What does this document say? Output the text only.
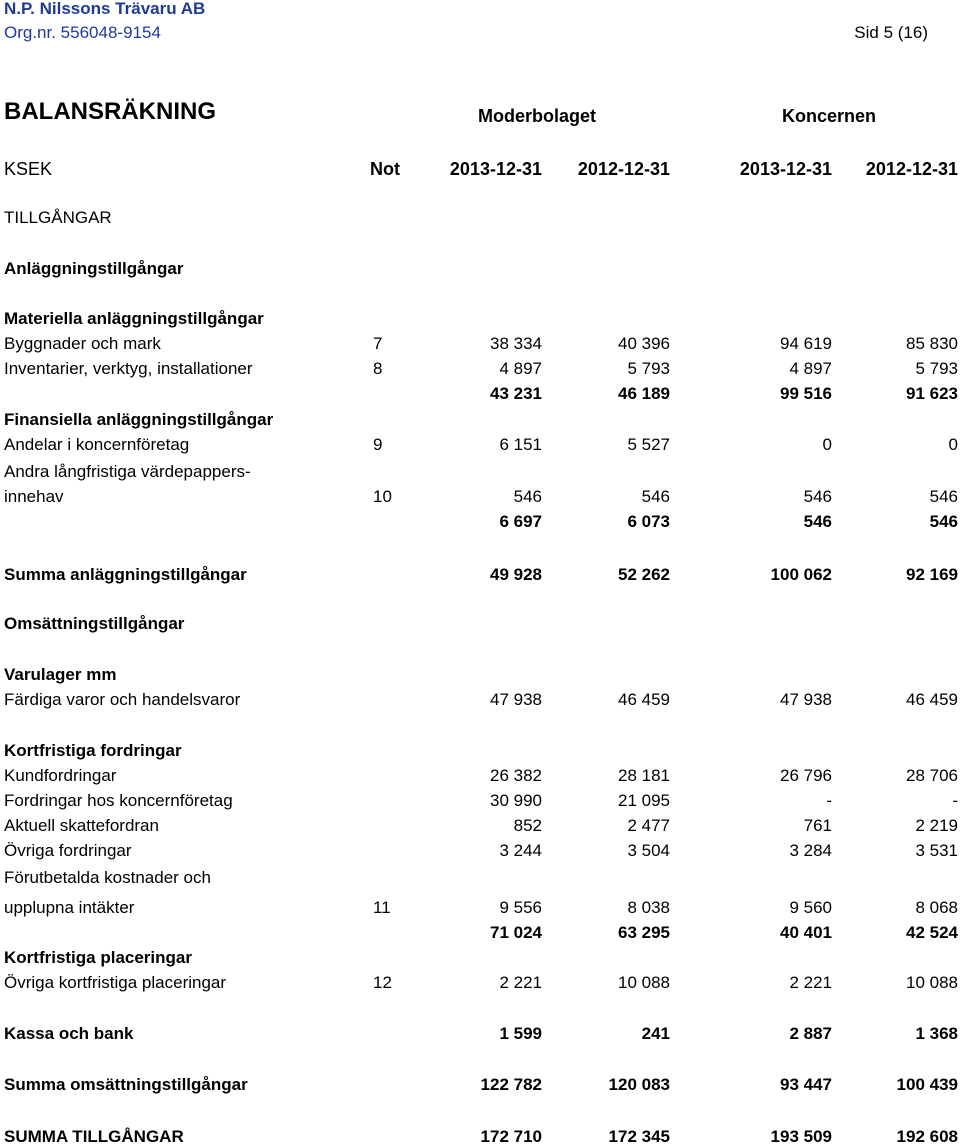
N.P. Nilssons Trävaru AB
Org.nr. 556048-9154	Sid 5 (16)
BALANSRÄKNING	Moderbolaget	Koncernen
KSEK	Not	2013-12-31 2012-12-31	2013-12-31 2012-12-31
TILLGÅNGAR
Anläggningstillgångar
Materiella anläggningstillgångar
Byggnader och mark	7	38 334	40 396	94 619	85 830
Inventarier, verktyg, installationer	8	4 897	5 793	4 897	5 793
43 231	46 189	99 516	91 623
Finansiella anläggningstillgångar
Andelar i koncernföretag	9	6 151	5 527	0	0
Andra långfristiga värdepappers-
innehav	10	546	546	546	546
6 697	6 073	546	546
Summa anläggningstillgångar	49 928	52 262	100 062	92 169
Omsättningstillgångar
Varulager mm
Färdiga varor och handelsvaror	47 938	46 459	47 938	46 459
Kortfristiga fordringar
Kundfordringar	26 382	28 181	26 796	28 706
Fordringar hos koncernföretag	30 990	21 095	-	-
Aktuell skattefordran	852	2 477	761	2 219
Övriga fordringar	3 244	3 504	3 284	3 531
Förutbetalda kostnader och
upplupna intäkter	11	9 556	8 038	9 560	8 068
71 024	63 295	40 401	42 524
Kortfristiga placeringar
Övriga kortfristiga placeringar	12	2 221	10 088	2 221	10 088
Kassa och bank	1 599	241	2 887	1 368
Summa omsättningstillgångar	122 782	120 083	93 447	100 439
SUMMA TILLGÅNGAR	172 710	172 345	193 509	192 608
